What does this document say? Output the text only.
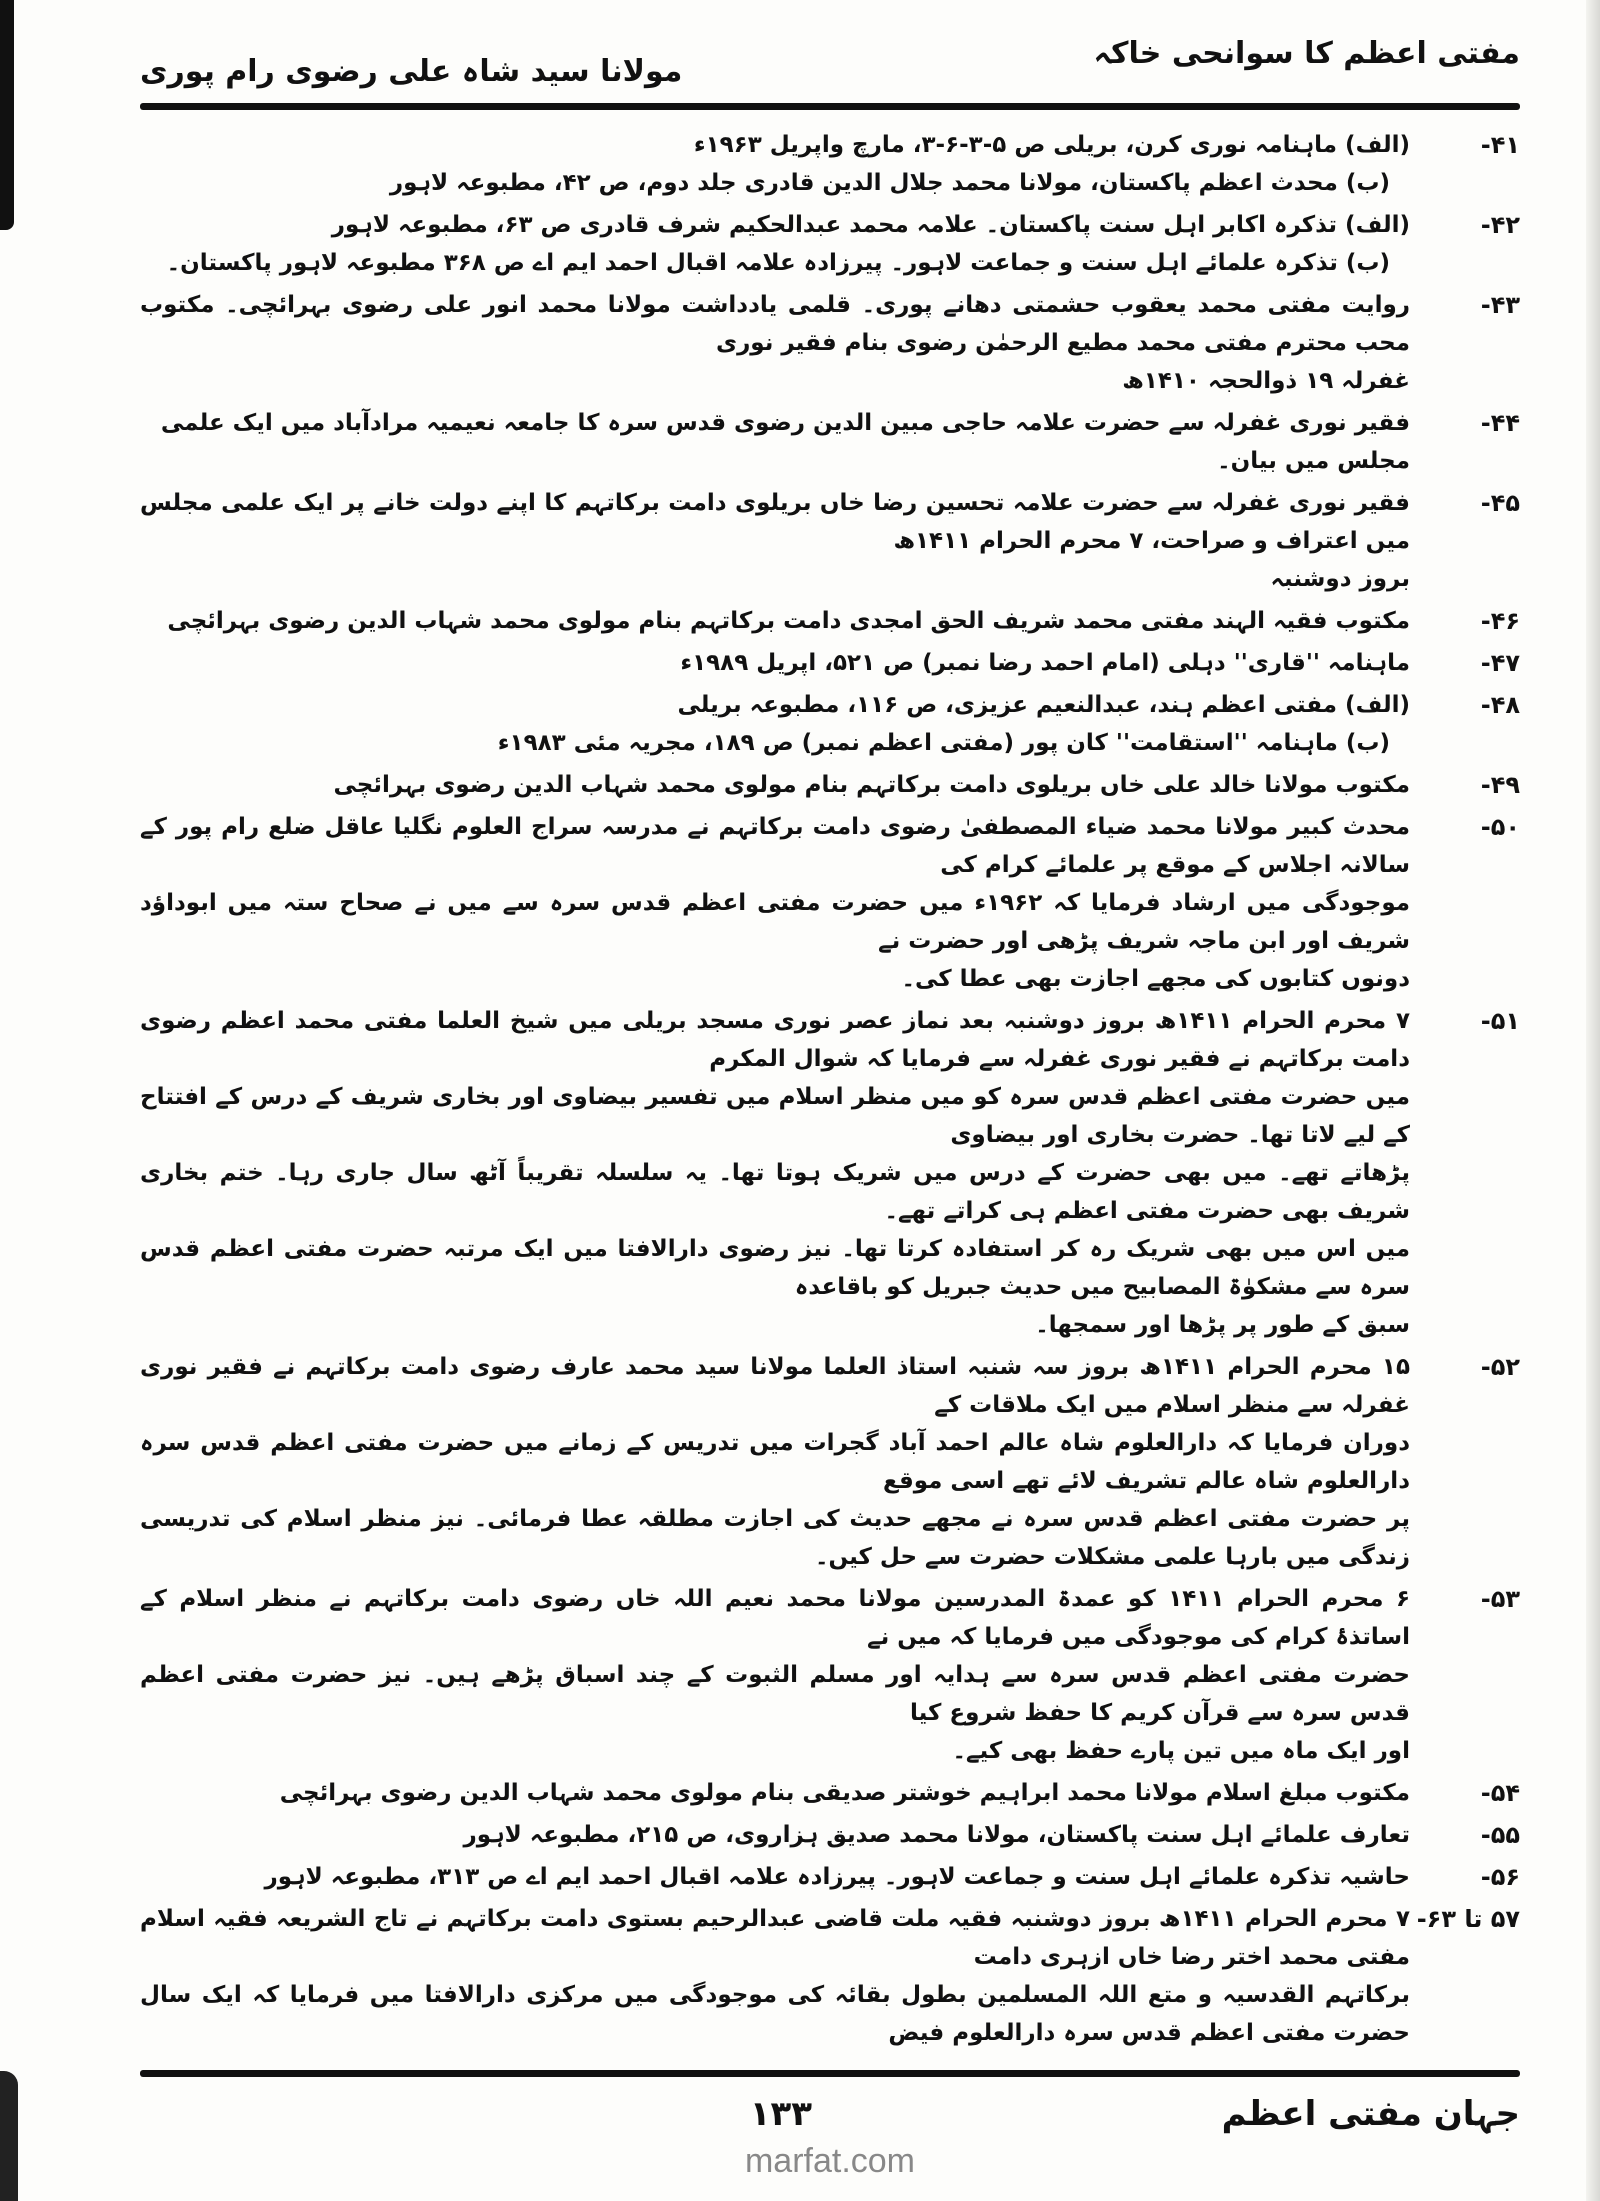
مفتی اعظم کا سوانحی خاکہ
مولانا سید شاہ علی رضوی رام پوری
۴۱-
(الف) ماہنامہ نوری کرن، بریلی ص ۵-۳-۶-۳، مارچ واپریل ۱۹۶۳ء
(ب) محدث اعظم پاکستان، مولانا محمد جلال الدین قادری جلد دوم، ص ۴۲، مطبوعہ لاہور
۴۲-
(الف) تذکرہ اکابر اہل سنت پاکستان۔ علامہ محمد عبدالحکیم شرف قادری ص ۶۳، مطبوعہ لاہور
(ب) تذکرہ علمائے اہل سنت و جماعت لاہور۔ پیرزادہ علامہ اقبال احمد ایم اے ص ۳۶۸ مطبوعہ لاہور پاکستان۔
۴۳-
روایت مفتی محمد یعقوب حشمتی دھانے پوری۔ قلمی یادداشت مولانا محمد انور علی رضوی بہرائچی۔ مکتوب محب محترم مفتی محمد مطیع الرحمٰن رضوی بنام فقیر نوری
غفرلہ ۱۹ ذوالحجہ ۱۴۱۰ھ
۴۴-
فقیر نوری غفرلہ سے حضرت علامہ حاجی مبین الدین رضوی قدس سرہ کا جامعہ نعیمیہ مرادآباد میں ایک علمی مجلس میں بیان۔
۴۵-
فقیر نوری غفرلہ سے حضرت علامہ تحسین رضا خاں بریلوی دامت برکاتہم کا اپنے دولت خانے پر ایک علمی مجلس میں اعتراف و صراحت، ۷ محرم الحرام ۱۴۱۱ھ
بروز دوشنبہ
۴۶-
مکتوب فقیہ الہند مفتی محمد شریف الحق امجدی دامت برکاتہم بنام مولوی محمد شہاب الدین رضوی بہرائچی
۴۷-
ماہنامہ ''قاری'' دہلی (امام احمد رضا نمبر) ص ۵۲۱، اپریل ۱۹۸۹ء
۴۸-
(الف) مفتی اعظم ہند، عبدالنعیم عزیزی، ص ۱۱۶، مطبوعہ بریلی
(ب) ماہنامہ ''استقامت'' کان پور (مفتی اعظم نمبر) ص ۱۸۹، مجریہ مئی ۱۹۸۳ء
۴۹-
مکتوب مولانا خالد علی خاں بریلوی دامت برکاتہم بنام مولوی محمد شہاب الدین رضوی بہرائچی
۵۰-
محدث کبیر مولانا محمد ضیاء المصطفیٰ رضوی دامت برکاتہم نے مدرسہ سراج العلوم نگلیا عاقل ضلع رام پور کے سالانہ اجلاس کے موقع پر علمائے کرام کی
موجودگی میں ارشاد فرمایا کہ ۱۹۶۲ء میں حضرت مفتی اعظم قدس سرہ سے میں نے صحاح ستہ میں ابوداؤد شریف اور ابن ماجہ شریف پڑھی اور حضرت نے
دونوں کتابوں کی مجھے اجازت بھی عطا کی۔
۵۱-
۷ محرم الحرام ۱۴۱۱ھ بروز دوشنبہ بعد نماز عصر نوری مسجد بریلی میں شیخ العلما مفتی محمد اعظم رضوی دامت برکاتہم نے فقیر نوری غفرلہ سے فرمایا کہ شوال المکرم
میں حضرت مفتی اعظم قدس سرہ کو میں منظر اسلام میں تفسیر بیضاوی اور بخاری شریف کے درس کے افتتاح کے لیے لاتا تھا۔ حضرت بخاری اور بیضاوی
پڑھاتے تھے۔ میں بھی حضرت کے درس میں شریک ہوتا تھا۔ یہ سلسلہ تقریباً آٹھ سال جاری رہا۔ ختم بخاری شریف بھی حضرت مفتی اعظم ہی کراتے تھے۔
میں اس میں بھی شریک رہ کر استفادہ کرتا تھا۔ نیز رضوی دارالافتا میں ایک مرتبہ حضرت مفتی اعظم قدس سرہ سے مشکوٰۃ المصابیح میں حدیث جبریل کو باقاعدہ
سبق کے طور پر پڑھا اور سمجھا۔
۵۲-
۱۵ محرم الحرام ۱۴۱۱ھ بروز سہ شنبہ استاذ العلما مولانا سید محمد عارف رضوی دامت برکاتہم نے فقیر نوری غفرلہ سے منظر اسلام میں ایک ملاقات کے
دوران فرمایا کہ دارالعلوم شاہ عالم احمد آباد گجرات میں تدریس کے زمانے میں حضرت مفتی اعظم قدس سرہ دارالعلوم شاہ عالم تشریف لائے تھے اسی موقع
پر حضرت مفتی اعظم قدس سرہ نے مجھے حدیث کی اجازت مطلقہ عطا فرمائی۔ نیز منظر اسلام کی تدریسی زندگی میں بارہا علمی مشکلات حضرت سے حل کیں۔
۵۳-
۶ محرم الحرام ۱۴۱۱ کو عمدۃ المدرسین مولانا محمد نعیم اللہ خاں رضوی دامت برکاتہم نے منظر اسلام کے اساتذۂ کرام کی موجودگی میں فرمایا کہ میں نے
حضرت مفتی اعظم قدس سرہ سے ہدایہ اور مسلم الثبوت کے چند اسباق پڑھے ہیں۔ نیز حضرت مفتی اعظم قدس سرہ سے قرآن کریم کا حفظ شروع کیا
اور ایک ماہ میں تین پارے حفظ بھی کیے۔
۵۴-
مکتوب مبلغ اسلام مولانا محمد ابراہیم خوشتر صدیقی بنام مولوی محمد شہاب الدین رضوی بہرائچی
۵۵-
تعارف علمائے اہل سنت پاکستان، مولانا محمد صدیق ہزاروی، ص ۲۱۵، مطبوعہ لاہور
۵۶-
حاشیہ تذکرہ علمائے اہل سنت و جماعت لاہور۔ پیرزادہ علامہ اقبال احمد ایم اے ص ۳۱۳، مطبوعہ لاہور
۵۷ تا ۶۳-
۷ محرم الحرام ۱۴۱۱ھ بروز دوشنبہ فقیہ ملت قاضی عبدالرحیم بستوی دامت برکاتہم نے تاج الشریعہ فقیہ اسلام مفتی محمد اختر رضا خاں ازہری دامت
برکاتہم القدسیہ و متع اللہ المسلمین بطول بقائہ کی موجودگی میں مرکزی دارالافتا میں فرمایا کہ ایک سال حضرت مفتی اعظم قدس سرہ دارالعلوم فیض
جہان مفتی اعظم
۱۳۳
marfat.com
